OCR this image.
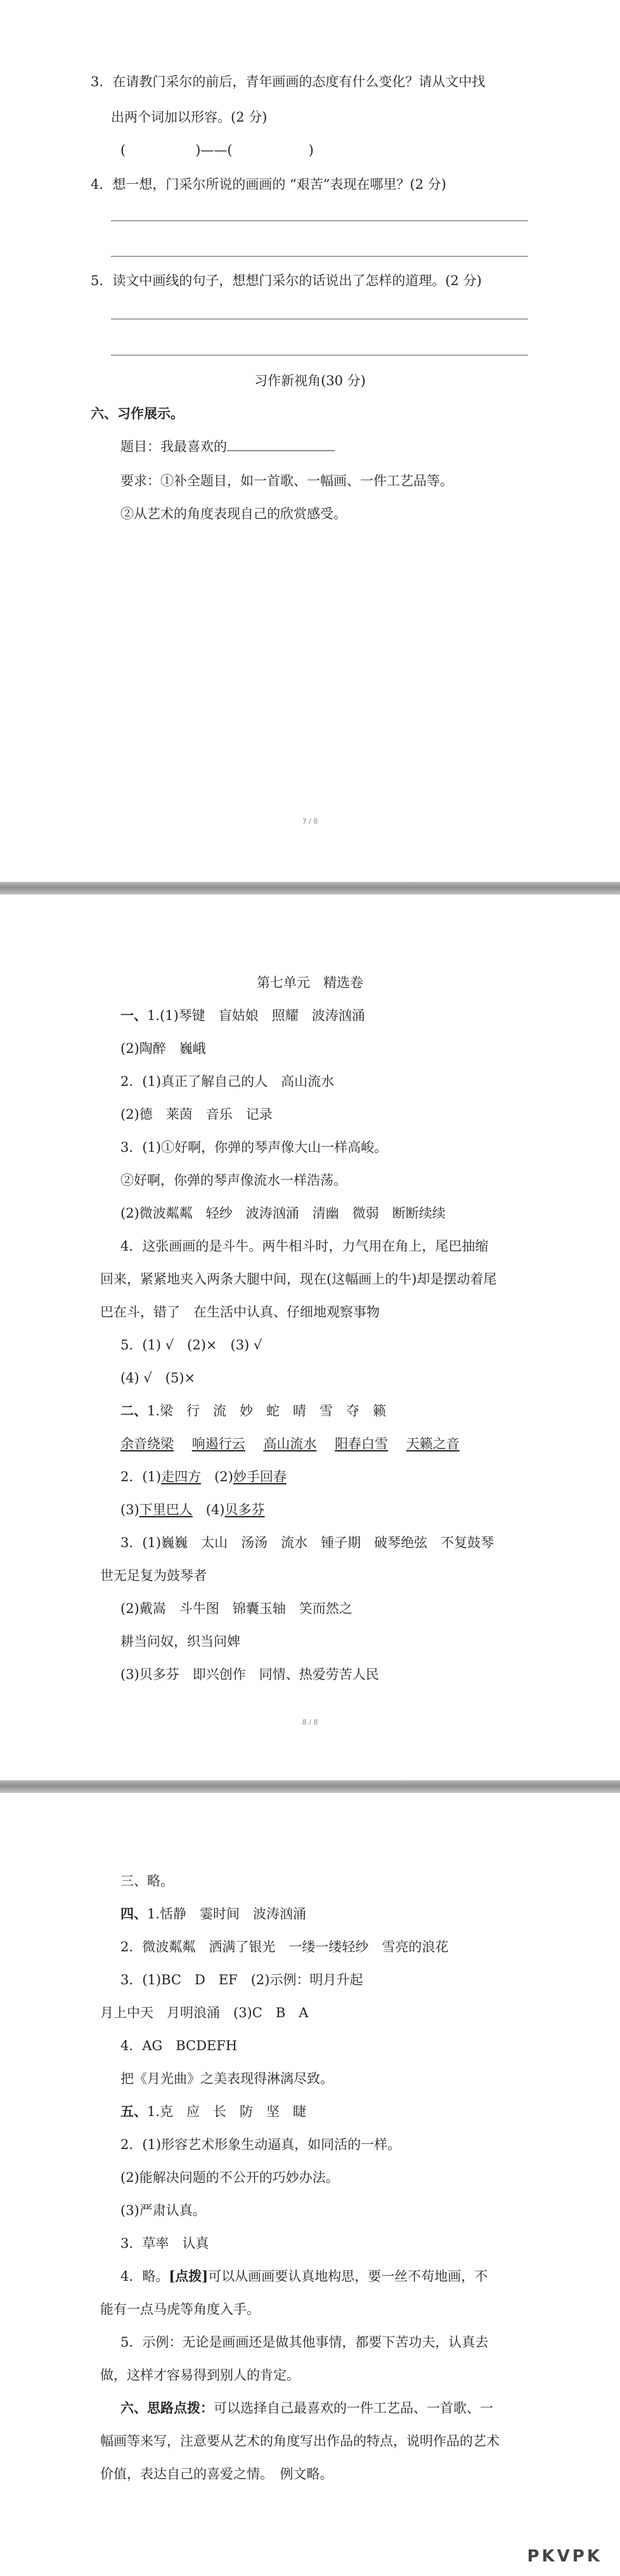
3．在请教门采尔的前后，青年画画的态度有什么变化？请从文中找
出两个词加以形容。(2 分)
(	)——(	)
4．想一想，门采尔所说的画画的 “艰苦”表现在哪里？(2 分)
5．读文中画线的句子，想想门采尔的话说出了怎样的道理。(2 分)
习作新视角(30 分)
六、习作展示。
题目：我最喜欢的
要求：①补全题目，如一首歌、一幅画、一件工艺品等。
②从艺术的角度表现自己的欣赏感受。
7 / 8
第七单元　精选卷
一、1.(1)琴键　盲姑娘　照耀　波涛汹涌
(2)陶醉　巍峨
2．(1)真正了解自己的人　高山流水
(2)德　莱茵　音乐　记录
3．(1)①好啊，你弹的琴声像大山一样高峻。
②好啊，你弹的琴声像流水一样浩荡。
(2)微波粼粼　轻纱　波涛汹涌　清幽　微弱　断断续续
4．这张画画的是斗牛。两牛相斗时，力气用在角上，尾巴抽缩
回来，紧紧地夹入两条大腿中间，现在(这幅画上的牛)却是摆动着尾
巴在斗，错了　在生活中认真、仔细地观察事物
5．(1) √　(2)×　(3) √
(4) √　(5)×
二、1.梁　行　流　妙　蛇　晴　雪　夺　籁
余音绕梁 响遏行云 高山流水 阳春白雪 天籁之音
2．(1)走四方　(2)妙手回春
(3)下里巴人　(4)贝多芬
3．(1)巍巍　太山　汤汤　流水　锺子期　破琴绝弦　不复鼓琴
世无足复为鼓琴者
(2)戴嵩　斗牛图　锦囊玉轴　笑而然之
耕当问奴，织当问婢
(3)贝多芬　即兴创作　同情、热爱劳苦人民
8 / 8
三、略。
四、1.恬静　霎时间　波涛汹涌
2．微波粼粼　洒满了银光　一缕一缕轻纱　雪亮的浪花
3．(1)BC　D　EF　(2)示例：明月升起
月上中天　月明浪涌　(3)C　B　A
4．AG　BCDEFH
把《月光曲》之美表现得淋漓尽致。
五、1.克　应　长　防　坚　睫
2．(1)形容艺术形象生动逼真，如同活的一样。
(2)能解决问题的不公开的巧妙办法。
(3)严肃认真。
3．草率　认真
4．略。[点拨]可以从画画要认真地构思，要一丝不苟地画，不
能有一点马虎等角度入手。
5．示例：无论是画画还是做其他事情，都要下苦功夫，认真去
做，这样才容易得到别人的肯定。
六、思路点拨：可以选择自己最喜欢的一件工艺品、一首歌、一
幅画等来写，注意要从艺术的角度写出作品的特点，说明作品的艺术
价值，表达自己的喜爱之情。　例文略。
PKVPK
